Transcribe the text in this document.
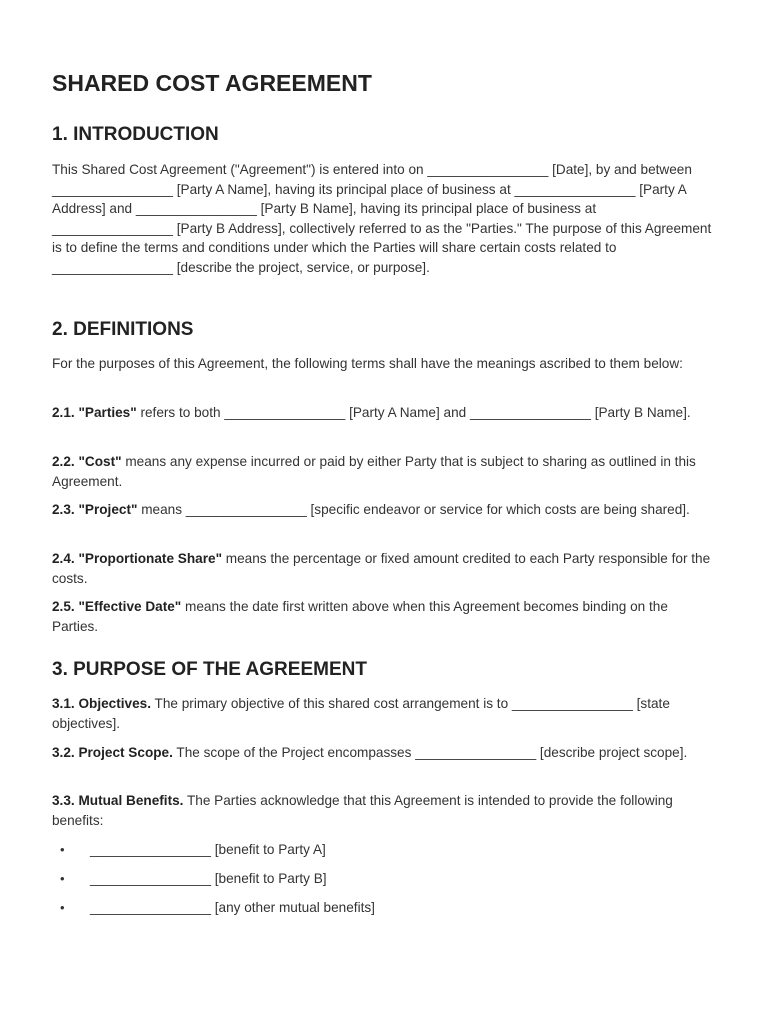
SHARED COST AGREEMENT
1. INTRODUCTION

This Shared Cost Agreement ("Agreement") is entered into on ________________ [Date], by and between ________________ [Party A Name], having its principal place of business at ________________ [Party A Address] and ________________ [Party B Name], having its principal place of business at ________________ [Party B Address], collectively referred to as the "Parties." The purpose of this Agreement is to define the terms and conditions under which the Parties will share certain costs related to ________________ [describe the project, service, or purpose].

2. DEFINITIONS

For the purposes of this Agreement, the following terms shall have the meanings ascribed to them below:

2.1. "Parties" refers to both ________________ [Party A Name] and ________________ [Party B Name].

2.2. "Cost" means any expense incurred or paid by either Party that is subject to sharing as outlined in this Agreement.

2.3. "Project" means ________________ [specific endeavor or service for which costs are being shared].

2.4. "Proportionate Share" means the percentage or fixed amount credited to each Party responsible for the costs.

2.5. "Effective Date" means the date first written above when this Agreement becomes binding on the Parties.

3. PURPOSE OF THE AGREEMENT

3.1. Objectives. The primary objective of this shared cost arrangement is to ________________ [state objectives].

3.2. Project Scope. The scope of the Project encompasses ________________ [describe project scope].

3.3. Mutual Benefits. The Parties acknowledge that this Agreement is intended to provide the following benefits:

• ________________ [benefit to Party A]
• ________________ [benefit to Party B]
• ________________ [any other mutual benefits]
